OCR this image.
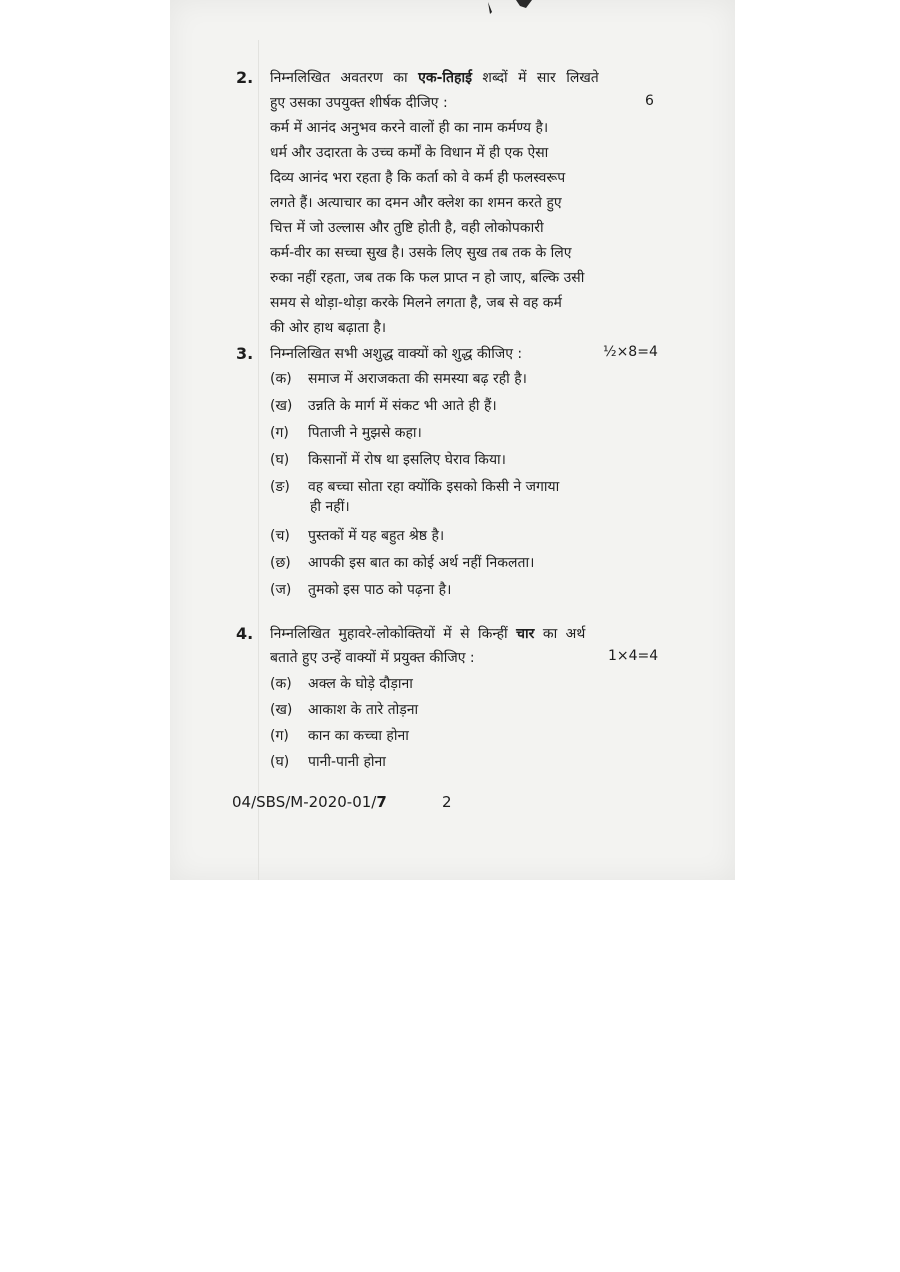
2. निम्नलिखित अवतरण का एक-तिहाई शब्दों में सार लिखते
हुए उसका उपयुक्त शीर्षक दीजिए :	6
कर्म में आनंद अनुभव करने वालों ही का नाम कर्मण्य है।
धर्म और उदारता के उच्च कर्मों के विधान में ही एक ऐसा
दिव्य आनंद भरा रहता है कि कर्ता को वे कर्म ही फलस्वरूप
लगते हैं। अत्याचार का दमन और क्लेश का शमन करते हुए
चित्त में जो उल्लास और तुष्टि होती है, वही लोकोपकारी
कर्म-वीर का सच्चा सुख है। उसके लिए सुख तब तक के लिए
रुका नहीं रहता, जब तक कि फल प्राप्त न हो जाए, बल्कि उसी
समय से थोड़ा-थोड़ा करके मिलने लगता है, जब से वह कर्म
की ओर हाथ बढ़ाता है।
3. निम्नलिखित सभी अशुद्ध वाक्यों को शुद्ध कीजिए :	½×8=4
(क) समाज में अराजकता की समस्या बढ़ रही है।
(ख) उन्नति के मार्ग में संकट भी आते ही हैं।
(ग) पिताजी ने मुझसे कहा।
(घ) किसानों में रोष था इसलिए घेराव किया।
(ङ) वह बच्चा सोता रहा क्योंकि इसको किसी ने जगाया
ही नहीं।
(च) पुस्तकों में यह बहुत श्रेष्ठ है।
(छ) आपकी इस बात का कोई अर्थ नहीं निकलता।
(ज) तुमको इस पाठ को पढ़ना है।
4. निम्नलिखित मुहावरे-लोकोक्तियों में से किन्हीं चार का अर्थ
बताते हुए उन्हें वाक्यों में प्रयुक्त कीजिए :	1×4=4
(क) अक्ल के घोड़े दौड़ाना
(ख) आकाश के तारे तोड़ना
(ग) कान का कच्चा होना
(घ) पानी-पानी होना
04/SBS/M-2020-01/7	2
